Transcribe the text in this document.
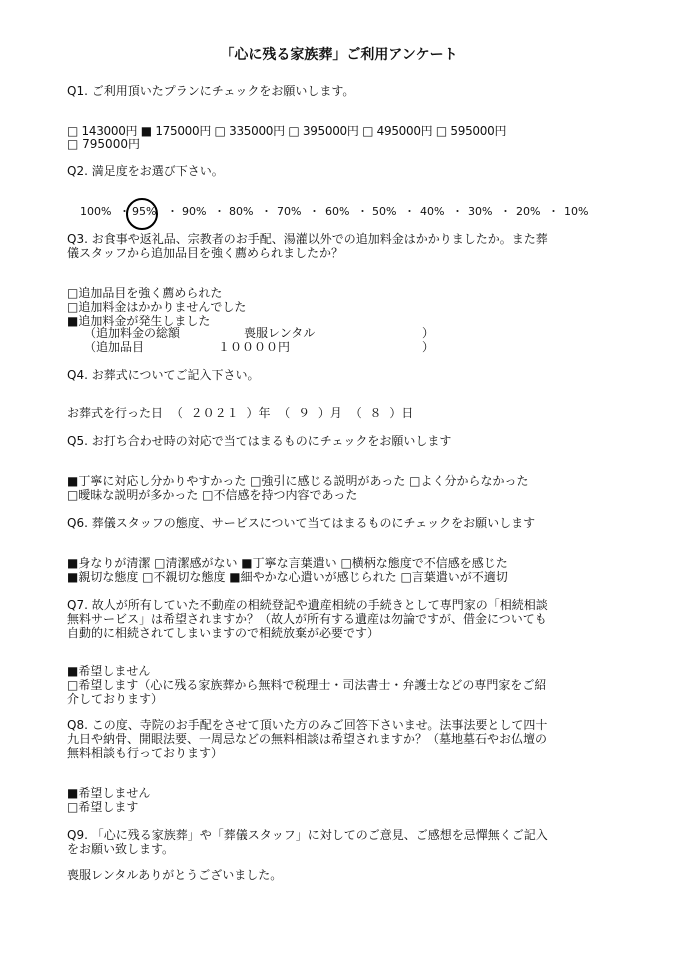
「心に残る家族葬」ご利用アンケート
Q1. ご利用頂いたプランにチェックをお願いします。
□ 143000円 ■ 175000円 □ 335000円 □ 395000円 □ 495000円 □ 595000円
□ 795000円
Q2. 満足度をお選び下さい。
100% ・ 95% ・ 90% ・ 80% ・ 70% ・ 60% ・ 50% ・ 40% ・ 30% ・ 20% ・ 10%
Q3. お食事や返礼品、宗教者のお手配、湯灌以外での追加料金はかかりましたか。また葬
儀スタッフから追加品目を強く薦められましたか？
□追加品目を強く薦められた
□追加料金はかかりませんでした
■追加料金が発生しました
（追加料金の総額	喪服レンタル	）
（追加品目	１００００円	）
Q4. お葬式についてご記入下さい。
お葬式を行った日 （ ２０２１ ）年 （ ９ ）月 （ ８ ）日
Q5. お打ち合わせ時の対応で当てはまるものにチェックをお願いします
■丁寧に対応し分かりやすかった □強引に感じる説明があった □よく分からなかった
□曖昧な説明が多かった □不信感を持つ内容であった
Q6. 葬儀スタッフの態度、サービスについて当てはまるものにチェックをお願いします
■身なりが清潔 □清潔感がない ■丁寧な言葉遣い □横柄な態度で不信感を感じた
■親切な態度 □不親切な態度 ■細やかな心遣いが感じられた □言葉遣いが不適切
Q7. 故人が所有していた不動産の相続登記や遺産相続の手続きとして専門家の「相続相談
無料サービス」は希望されますか？（故人が所有する遺産は勿論ですが、借金についても
自動的に相続されてしまいますので相続放棄が必要です）
■希望しません
□希望します（心に残る家族葬から無料で税理士・司法書士・弁護士などの専門家をご紹
介しております）
Q8. この度、寺院のお手配をさせて頂いた方のみご回答下さいませ。法事法要として四十
九日や納骨、開眼法要、一周忌などの無料相談は希望されますか？（墓地墓石やお仏壇の
無料相談も行っております）
■希望しません
□希望します
Q9. 「心に残る家族葬」や「葬儀スタッフ」に対してのご意見、ご感想を忌憚無くご記入
をお願い致します。
喪服レンタルありがとうございました。
